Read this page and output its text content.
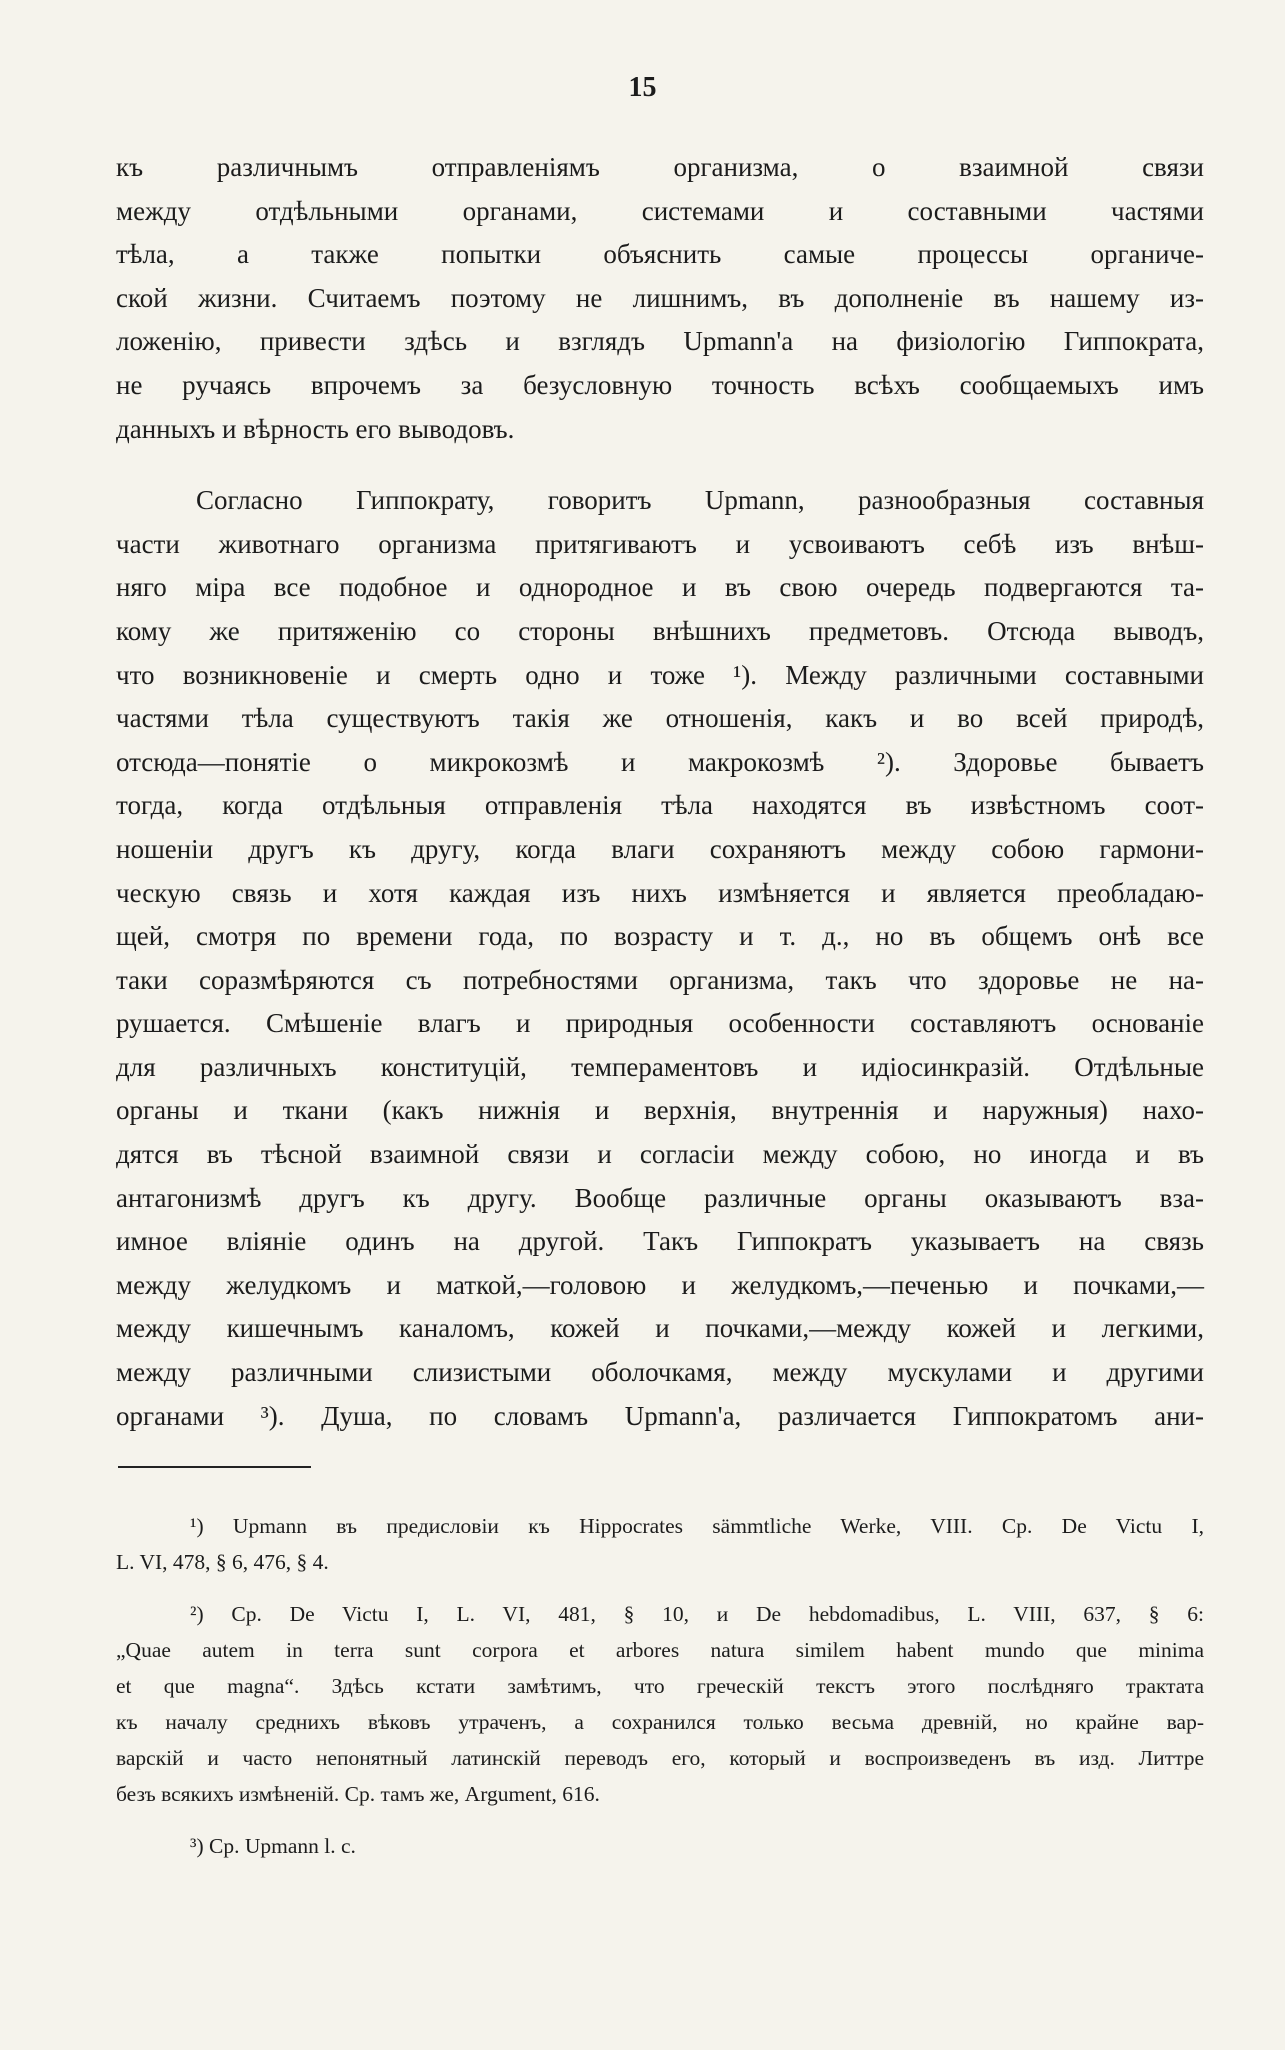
15
къ различнымъ отправленіямъ организма, о взаимной связи
между отдѣльными органами, системами и составными частями
тѣла, а также попытки объяснить самые процессы органиче-
ской жизни. Считаемъ поэтому не лишнимъ, въ дополненіе въ нашему из-
ложенію, привести здѣсь и взглядъ Upmann'а на физіологію Гиппократа,
не ручаясь впрочемъ за безусловную точность всѣхъ сообщаемыхъ имъ
данныхъ и вѣрность его выводовъ.
Согласно Гиппократу, говоритъ Upmann, разнообразныя составныя
части животнаго организма притягиваютъ и усвоиваютъ себѣ изъ внѣш-
няго міра все подобное и однородное и въ свою очередь подвергаются та-
кому же притяженію со стороны внѣшнихъ предметовъ. Отсюда выводъ,
что возникновеніе и смерть одно и тоже ¹). Между различными составными
частями тѣла существуютъ такія же отношенія, какъ и во всей природѣ,
отсюда—понятіе о микрокозмѣ и макрокозмѣ ²). Здоровье бываетъ
тогда, когда отдѣльныя отправленія тѣла находятся въ извѣстномъ соот-
ношеніи другъ къ другу, когда влаги сохраняютъ между собою гармони-
ческую связь и хотя каждая изъ нихъ измѣняется и является преобладаю-
щей, смотря по времени года, по возрасту и т. д., но въ общемъ онѣ все
таки соразмѣряются съ потребностями организма, такъ что здоровье не на-
рушается. Смѣшеніе влагъ и природныя особенности составляютъ основаніе
для различныхъ конституцій, темпераментовъ и идіосинкразій. Отдѣльные
органы и ткани (какъ нижнія и верхнія, внутреннія и наружныя) нахо-
дятся въ тѣсной взаимной связи и согласіи между собою, но иногда и въ
антагонизмѣ другъ къ другу. Вообще различные органы оказываютъ вза-
имное вліяніе одинъ на другой. Такъ Гиппократъ указываетъ на связь
между желудкомъ и маткой,—головою и желудкомъ,—печенью и почками,—
между кишечнымъ каналомъ, кожей и почками,—между кожей и легкими,
между различными слизистыми оболочкамя, между мускулами и другими
органами ³). Душа, по словамъ Upmann'а, различается Гиппократомъ ани-
¹) Upmann въ предисловіи къ Hippocrates sämmtliche Werke, VIII. Cp. De Victu I,
L. VI, 478, § 6, 476, § 4.
²) Cp. De Victu I, L. VI, 481, § 10, и De hebdomadibus, L. VIII, 637, § 6:
„Quae autem in terra sunt corpora et arbores natura similem habent mundo que minima
et que magna“. Здѣсь кстати замѣтимъ, что греческій текстъ этого послѣдняго трактата
къ началу среднихъ вѣковъ утраченъ, а сохранился только весьма древній, но крайне вар-
варскій и часто непонятный латинскій переводъ его, который и воспроизведенъ въ изд. Литтре
безъ всякихъ измѣненій. Cp. тамъ же, Argument, 616.
³) Cp. Upmann l. c.
